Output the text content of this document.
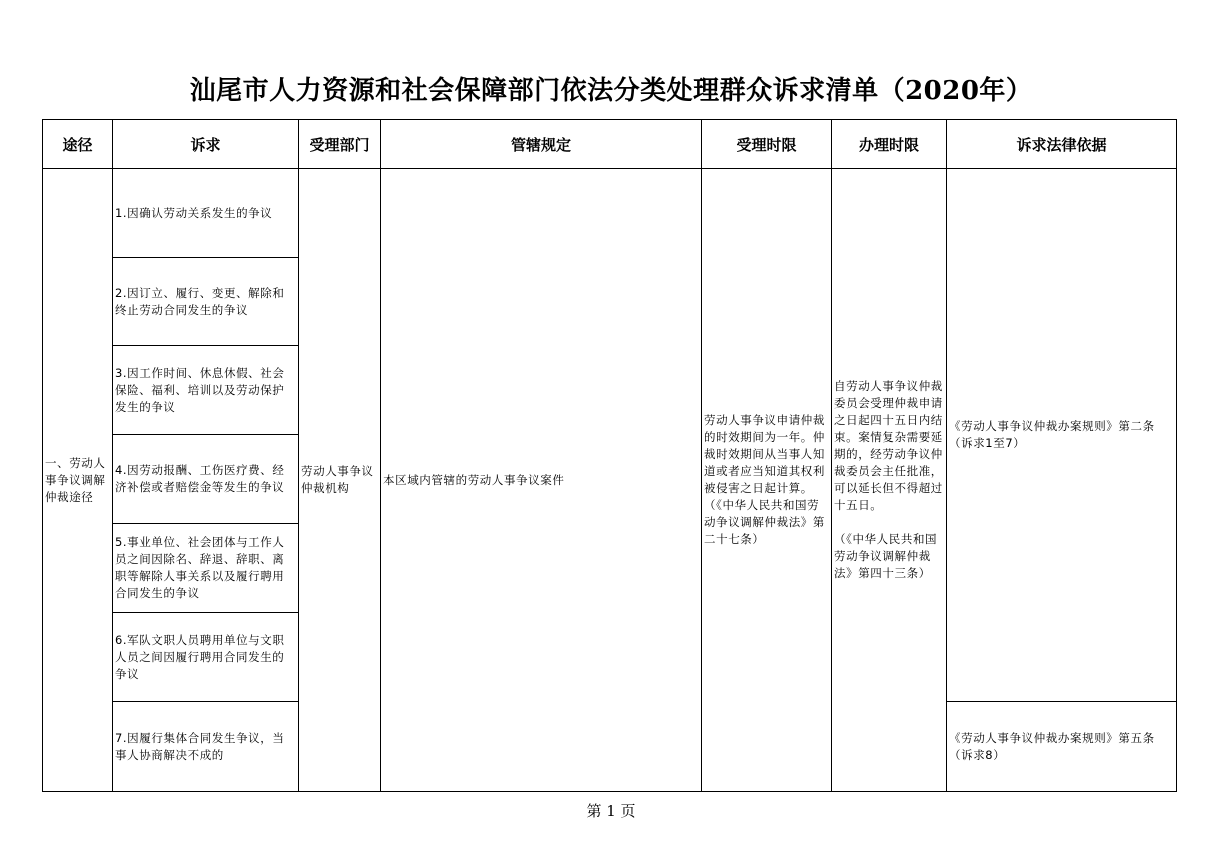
汕尾市人力资源和社会保障部门依法分类处理群众诉求清单（2020年）
途径	诉求	受理部门	管辖规定	受理时限	办理时限	诉求法律依据
一、劳动人事争议调解仲裁途径	1.因确认劳动关系发生的争议	劳动人事争议仲裁机构	本区域内管辖的劳动人事争议案件	劳动人事争议申请仲裁的时效期间为一年。仲裁时效期间从当事人知道或者应当知道其权利被侵害之日起计算。
（《中华人民共和国劳动争议调解仲裁法》第二十七条）	自劳动人事争议仲裁委员会受理仲裁申请之日起四十五日内结束。案情复杂需要延期的，经劳动争议仲裁委员会主任批准，可以延长但不得超过十五日。
（《中华人民共和国劳动争议调解仲裁法》第四十三条）	《劳动人事争议仲裁办案规则》第二条（诉求1至7）
	2.因订立、履行、变更、解除和终止劳动合同发生的争议					
	3.因工作时间、休息休假、社会保险、福利、培训以及劳动保护发生的争议					
	4.因劳动报酬、工伤医疗费、经济补偿或者赔偿金等发生的争议					
	5.事业单位、社会团体与工作人员之间因除名、辞退、辞职、离职等解除人事关系以及履行聘用合同发生的争议					
	6.军队文职人员聘用单位与文职人员之间因履行聘用合同发生的争议					
	7.因履行集体合同发生争议，当事人协商解决不成的					《劳动人事争议仲裁办案规则》第五条（诉求8）
第 1 页
